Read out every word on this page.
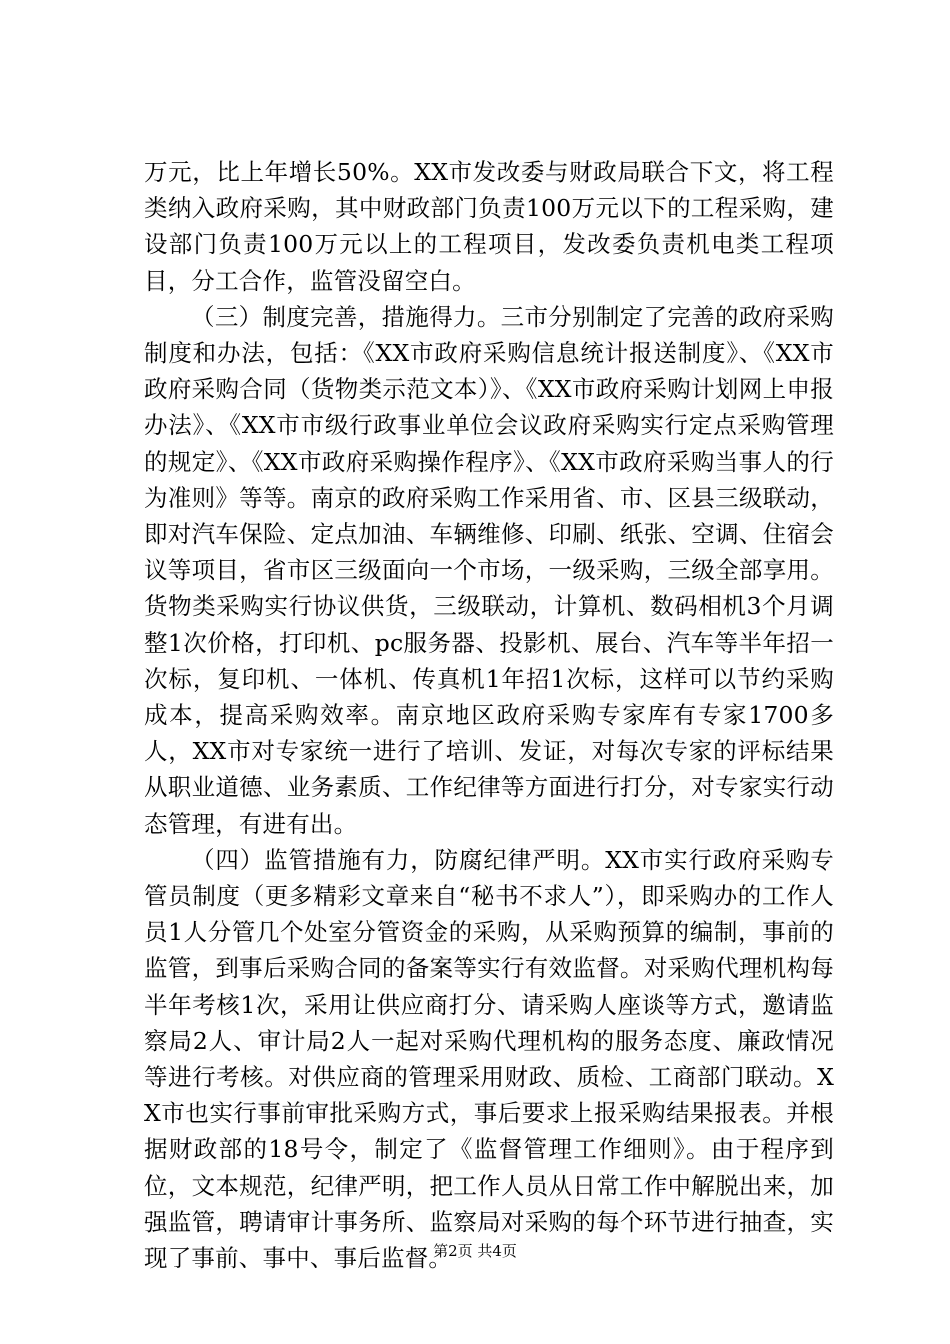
万元，比上年增长50%。XX市发改委与财政局联合下文，将工程类纳入政府采购，其中财政部门负责100万元以下的工程采购，建设部门负责100万元以上的工程项目，发改委负责机电类工程项目，分工合作，监管没留空白。

（三）制度完善，措施得力。三市分别制定了完善的政府采购制度和办法，包括：《XX市政府采购信息统计报送制度》、《XX市政府采购合同（货物类示范文本）》、《XX市政府采购计划网上申报办法》、《XX市市级行政事业单位会议政府采购实行定点采购管理的规定》、《XX市政府采购操作程序》、《XX市政府采购当事人的行为准则》等等。南京的政府采购工作采用省、市、区县三级联动，即对汽车保险、定点加油、车辆维修、印刷、纸张、空调、住宿会议等项目，省市区三级面向一个市场，一级采购，三级全部享用。货物类采购实行协议供货，三级联动，计算机、数码相机3个月调整1次价格，打印机、pc服务器、投影机、展台、汽车等半年招一次标，复印机、一体机、传真机1年招1次标，这样可以节约采购成本，提高采购效率。南京地区政府采购专家库有专家1700多人，XX市对专家统一进行了培训、发证，对每次专家的评标结果从职业道德、业务素质、工作纪律等方面进行打分，对专家实行动态管理，有进有出。

（四）监管措施有力，防腐纪律严明。XX市实行政府采购专管员制度（更多精彩文章来自“秘书不求人”），即采购办的工作人员1人分管几个处室分管资金的采购，从采购预算的编制，事前的监管，到事后采购合同的备案等实行有效监督。对采购代理机构每半年考核1次，采用让供应商打分、请采购人座谈等方式，邀请监察局2人、审计局2人一起对采购代理机构的服务态度、廉政情况等进行考核。对供应商的管理采用财政、质检、工商部门联动。XX市也实行事前审批采购方式，事后要求上报采购结果报表。并根据财政部的18号令，制定了《监督管理工作细则》。由于程序到位，文本规范，纪律严明，把工作人员从日常工作中解脱出来，加强监管，聘请审计事务所、监察局对采购的每个环节进行抽查，实现了事前、事中、事后监督。

第2页 共4页
